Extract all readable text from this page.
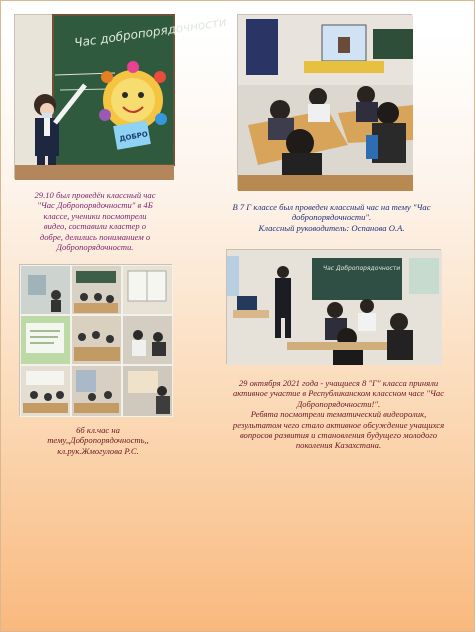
Час добропорядочности
ДОБРО
29.10 был проведён классный час
"Час Добропорядочности" в 4Б
классе, ученики посмотрели
видео, составили кластер о
добре, делились пониманием о
Добропорядочности.
В 7 Г классе был проведен классный час на тему "Час
добропорядочности".
Классный руководитель: Оспанова О.А.
Час Добропорядочности
6б кл.час на
тему,,Добропорядочность,,
кл.рук.Жмогулова Р.С.
29 октября 2021 года - учащиеся 8 "Г" класса приняли
активное участие в Республиканском классном часе "Час
Добропорядочности!".
Ребята посмотрели тематический видеоролик,
результатом чего стало активное обсуждение учащихся
вопросов развития и становления будущего молодого
поколения Казахстана.
